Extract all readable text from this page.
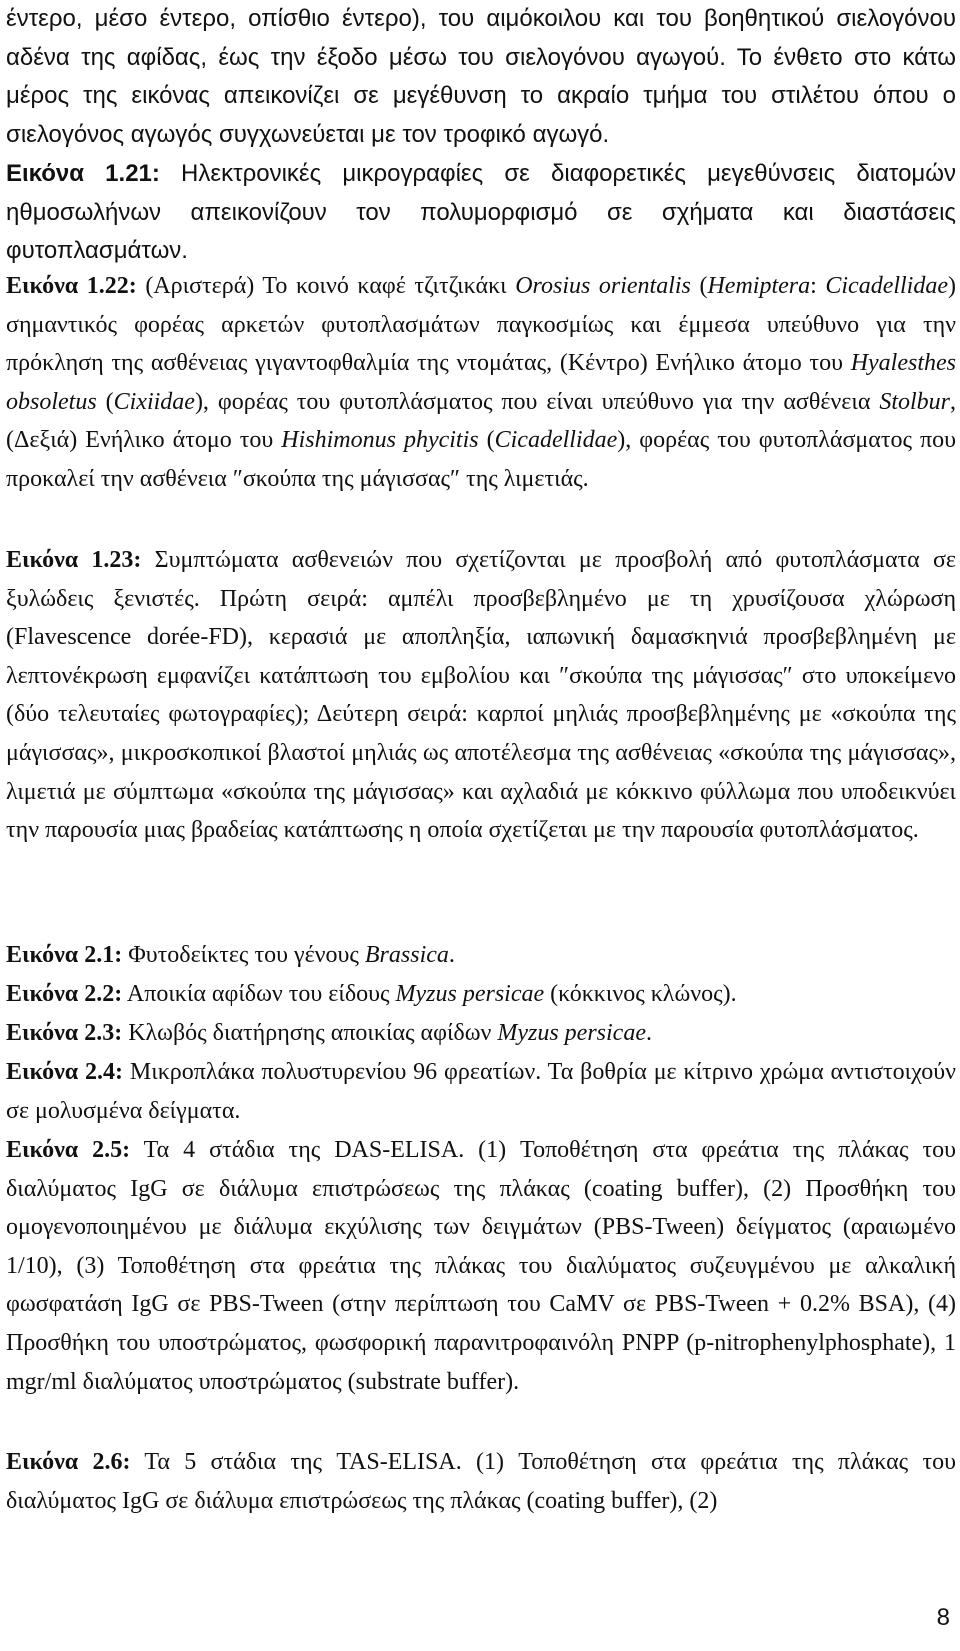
έντερο, μέσο έντερο, οπίσθιο έντερο), του αιμόκοιλου και του βοηθητικού σιελογόνου αδένα της αφίδας, έως την έξοδο μέσω του σιελογόνου αγωγού. Το ένθετο στο κάτω μέρος της εικόνας απεικονίζει σε μεγέθυνση το ακραίο τμήμα του στιλέτου όπου ο σιελογόνος αγωγός συγχωνεύεται με τον τροφικό αγωγό.

Εικόνα 1.21: Ηλεκτρονικές μικρογραφίες σε διαφορετικές μεγεθύνσεις διατομών ηθμοσωλήνων απεικονίζουν τον πολυμορφισμό σε σχήματα και διαστάσεις φυτοπλασμάτων.

Εικόνα 1.22: (Αριστερά) Το κοινό καφέ τζιτζικάκι Orosius orientalis (Hemiptera: Cicadellidae) σημαντικός φορέας αρκετών φυτοπλασμάτων παγκοσμίως και έμμεσα υπεύθυνο για την πρόκληση της ασθένειας γιγαντοφθαλμία της ντομάτας, (Κέντρο) Ενήλικο άτομο του Hyalesthes obsoletus (Cixiidae), φορέας του φυτοπλάσματος που είναι υπεύθυνο για την ασθένεια Stolbur, (Δεξιά) Ενήλικο άτομο του Hishimonus phycitis (Cicadellidae), φορέας του φυτοπλάσματος που προκαλεί την ασθένεια ″σκούπα της μάγισσας″ της λιμετιάς.

Εικόνα 1.23: Συμπτώματα ασθενειών που σχετίζονται με προσβολή από φυτοπλάσματα σε ξυλώδεις ξενιστές. Πρώτη σειρά: αμπέλι προσβεβλημένο με τη χρυσίζουσα χλώρωση (Flavescence dorée-FD), κερασιά με αποπληξία, ιαπωνική δαμασκηνιά προσβεβλημένη με λεπτονέκρωση εμφανίζει κατάπτωση του εμβολίου και ″σκούπα της μάγισσας″ στο υποκείμενο (δύο τελευταίες φωτογραφίες); Δεύτερη σειρά: καρποί μηλιάς προσβεβλημένης με «σκούπα της μάγισσας», μικροσκοπικοί βλαστοί μηλιάς ως αποτέλεσμα της ασθένειας «σκούπα της μάγισσας», λιμετιά με σύμπτωμα «σκούπα της μάγισσας» και αχλαδιά με κόκκινο φύλλωμα που υποδεικνύει την παρουσία μιας βραδείας κατάπτωσης η οποία σχετίζεται με την παρουσία φυτοπλάσματος.

Εικόνα 2.1: Φυτοδείκτες του γένους Brassica.

Εικόνα 2.2: Αποικία αφίδων του είδους Myzus persicae (κόκκινος κλώνος).

Εικόνα 2.3: Κλωβός διατήρησης αποικίας αφίδων Myzus persicae.

Εικόνα 2.4: Μικροπλάκα πολυστυρενίου 96 φρεατίων. Τα βοθρία με κίτρινο χρώμα αντιστοιχούν σε μολυσμένα δείγματα.

Εικόνα 2.5: Τα 4 στάδια της DAS-ELISA. (1) Τοποθέτηση στα φρεάτια της πλάκας του διαλύματος IgG σε διάλυμα επιστρώσεως της πλάκας (coating buffer), (2) Προσθήκη του ομογενοποιημένου με διάλυμα εκχύλισης των δειγμάτων (PBS-Tween) δείγματος (αραιωμένο 1/10), (3) Τοποθέτηση στα φρεάτια της πλάκας του διαλύματος συζευγμένου με αλκαλική φωσφατάση IgG σε PBS-Tween (στην περίπτωση του CaMV σε PBS-Tween + 0.2% BSA), (4) Προσθήκη του υποστρώματος, φωσφορική παρανιτροφαινόλη PNPP (p-nitrophenylphosphate), 1 mgr/ml διαλύματος υποστρώματος (substrate buffer).

Εικόνα 2.6: Τα 5 στάδια της TAS-ELISA. (1) Τοποθέτηση στα φρεάτια της πλάκας του διαλύματος IgG σε διάλυμα επιστρώσεως της πλάκας (coating buffer), (2)

8
